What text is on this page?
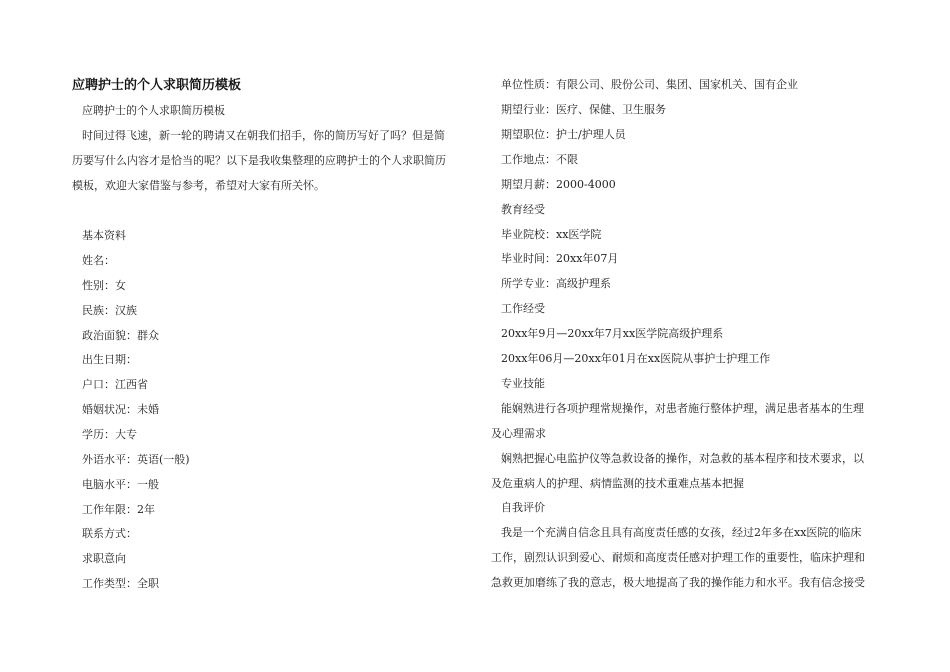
应聘护士的个人求职简历模板

应聘护士的个人求职简历模板

时间过得飞速，新一轮的聘请又在朝我们招手，你的简历写好了吗？但是简

历要写什么内容才是恰当的呢？以下是我收集整理的应聘护士的个人求职简历

模板，欢迎大家借鉴与参考，希望对大家有所关怀。

基本资料

姓名：

性别：女

民族：汉族

政治面貌：群众

出生日期：

户口：江西省

婚姻状况：未婚

学历：大专

外语水平：英语(一般)

电脑水平：一般

工作年限：2年

联系方式：

求职意向

工作类型：全职

单位性质：有限公司、股份公司、集团、国家机关、国有企业

期望行业：医疗、保健、卫生服务

期望职位：护士/护理人员

工作地点：不限

期望月薪：2000-4000

教育经受

毕业院校：xx医学院

毕业时间：20xx年07月

所学专业：高级护理系

工作经受

20xx年9月—20xx年7月xx医学院高级护理系

20xx年06月—20xx年01月在xx医院从事护士护理工作

专业技能

能娴熟进行各项护理常规操作，对患者施行整体护理，满足患者基本的生理

及心理需求

娴熟把握心电监护仪等急救设备的操作，对急救的基本程序和技术要求，以

及危重病人的护理、病情监测的技术重难点基本把握

自我评价

我是一个充满自信念且具有高度责任感的女孩，经过2年多在xx医院的临床

工作，剧烈认识到爱心、耐烦和高度责任感对护理工作的重要性，临床护理和

急救更加磨练了我的意志，极大地提高了我的操作能力和水平。我有信念接受
